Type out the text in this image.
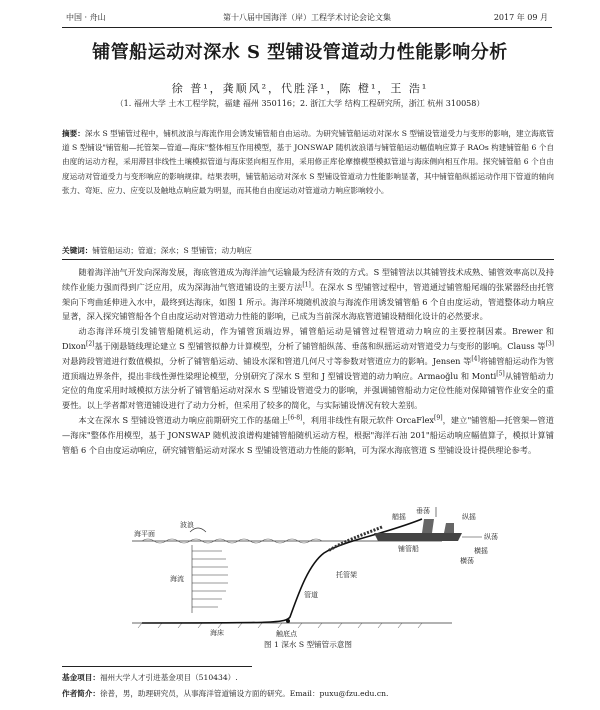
中国 · 舟山	第十八届中国海洋（岸）工程学术讨论会论文集	2017 年 09 月
铺管船运动对深水 S 型铺设管道动力性能影响分析
徐 普¹，龚顺风²，代胜泽¹，陈 橙¹，王 浩¹
（1. 福州大学 土木工程学院，福建 福州 350116；2. 浙江大学 结构工程研究所，浙江 杭州 310058）
摘要：深水 S 型铺管过程中，铺机波浪与海流作用会诱发铺管船自由运动。为研究铺管船运动对深水 S 型铺设管道受力与变形的影响，建立海底管道 S 型铺设"铺管船—托管架—管道—海床"整体相互作用模型，基于 JONSWAP 随机波浪谱与铺管船运动幅值响应算子 RAOs 构建铺管船 6 个自由度的运动方程，采用滞回非线性土壤模拟管道与海床竖向相互作用，采用修正库伦摩擦模型模拟管道与海床侧向相互作用。探究铺管船 6 个自由度运动对管道受力与变形响应的影响规律。结果表明，铺管船运动对深水 S 型铺设管道动力性能影响显著，其中铺管船纵摇运动作用下管道的轴向张力、弯矩、应力、应变以及触地点响应最为明显，而其他自由度运动对管道动力响应影响较小。
关键词：铺管船运动；管道；深水；S 型铺管；动力响应

随着海洋油气开发向深海发展，海底管道成为海洋油气运输最为经济有效的方式。S 型铺管法以其铺管技术成熟、铺管效率高以及持续作业能力强而得到广泛应用，成为深海油气管道铺设的主要方法[1]。在深水 S 型铺管过程中，管道通过铺管船尾端的张紧器经由托管架向下弯曲延伸进入水中，最终到达海床，如图 1 所示。海洋环境随机波浪与海流作用诱发铺管船 6 个自由度运动，管道整体动力响应显著，深入探究铺管船各个自由度运动对管道动力性能的影响，已成为当前深水海底管道铺设精细化设计的必然要求。

动态海洋环境引发铺管船随机运动，作为铺管顶端边界，铺管船运动是铺管过程管道动力响应的主要控制因素。Brewer 和 Dixon[2]基于刚悬链线理论建立 S 型铺管拟静力计算模型，分析了铺管船纵荡、垂荡和纵摇运动对管道受力与变形的影响。Clauss 等[3]对悬跨段管道进行数值模拟，分析了铺管船运动、铺设水深和管道几何尺寸等参数对管道应力的影响。Jensen 等[4]将铺管船运动作为管道顶端边界条件，提出非线性弹性梁理论模型，分别研究了深水 S 型和 J 型铺设管道的动力响应。Armaoğlu 和 Monti[5]从铺管船动力定位的角度采用时域模拟方法分析了铺管船运动对深水 S 型铺设管道受力的影响，并强调铺管船动力定位性能对保障铺管作业安全的重要性。以上学者都对管道铺设进行了动力分析，但采用了较多的简化，与实际铺设情况有较大差别。

本文在深水 S 型铺设管道动力响应前期研究工作的基础上[6-8]，利用非线性有限元软件 OrcaFlex[9]，建立"铺管船—托管架—管道—海床"整体作用模型，基于 JONSWAP 随机波浪谱构建铺管船随机运动方程，根据"海洋石油 201"船运动响应幅值算子，模拟计算铺管船 6 个自由度运动响应，研究铺管船运动对深水 S 型铺设管道动力性能的影响，可为深水海底管道 S 型铺设设计提供理论参考。

海平面
波浪
海流
海床
托管架
管道
触底点
铺管船
垂荡
纵摇
纵荡
横摇
横荡
艏摇
图 1 深水 S 型铺管示意图
基金项目：福州大学人才引进基金项目（510434）.
作者简介：徐普，男，助理研究员，从事海洋管道铺设方面的研究。Email：puxu@fzu.edu.cn.
